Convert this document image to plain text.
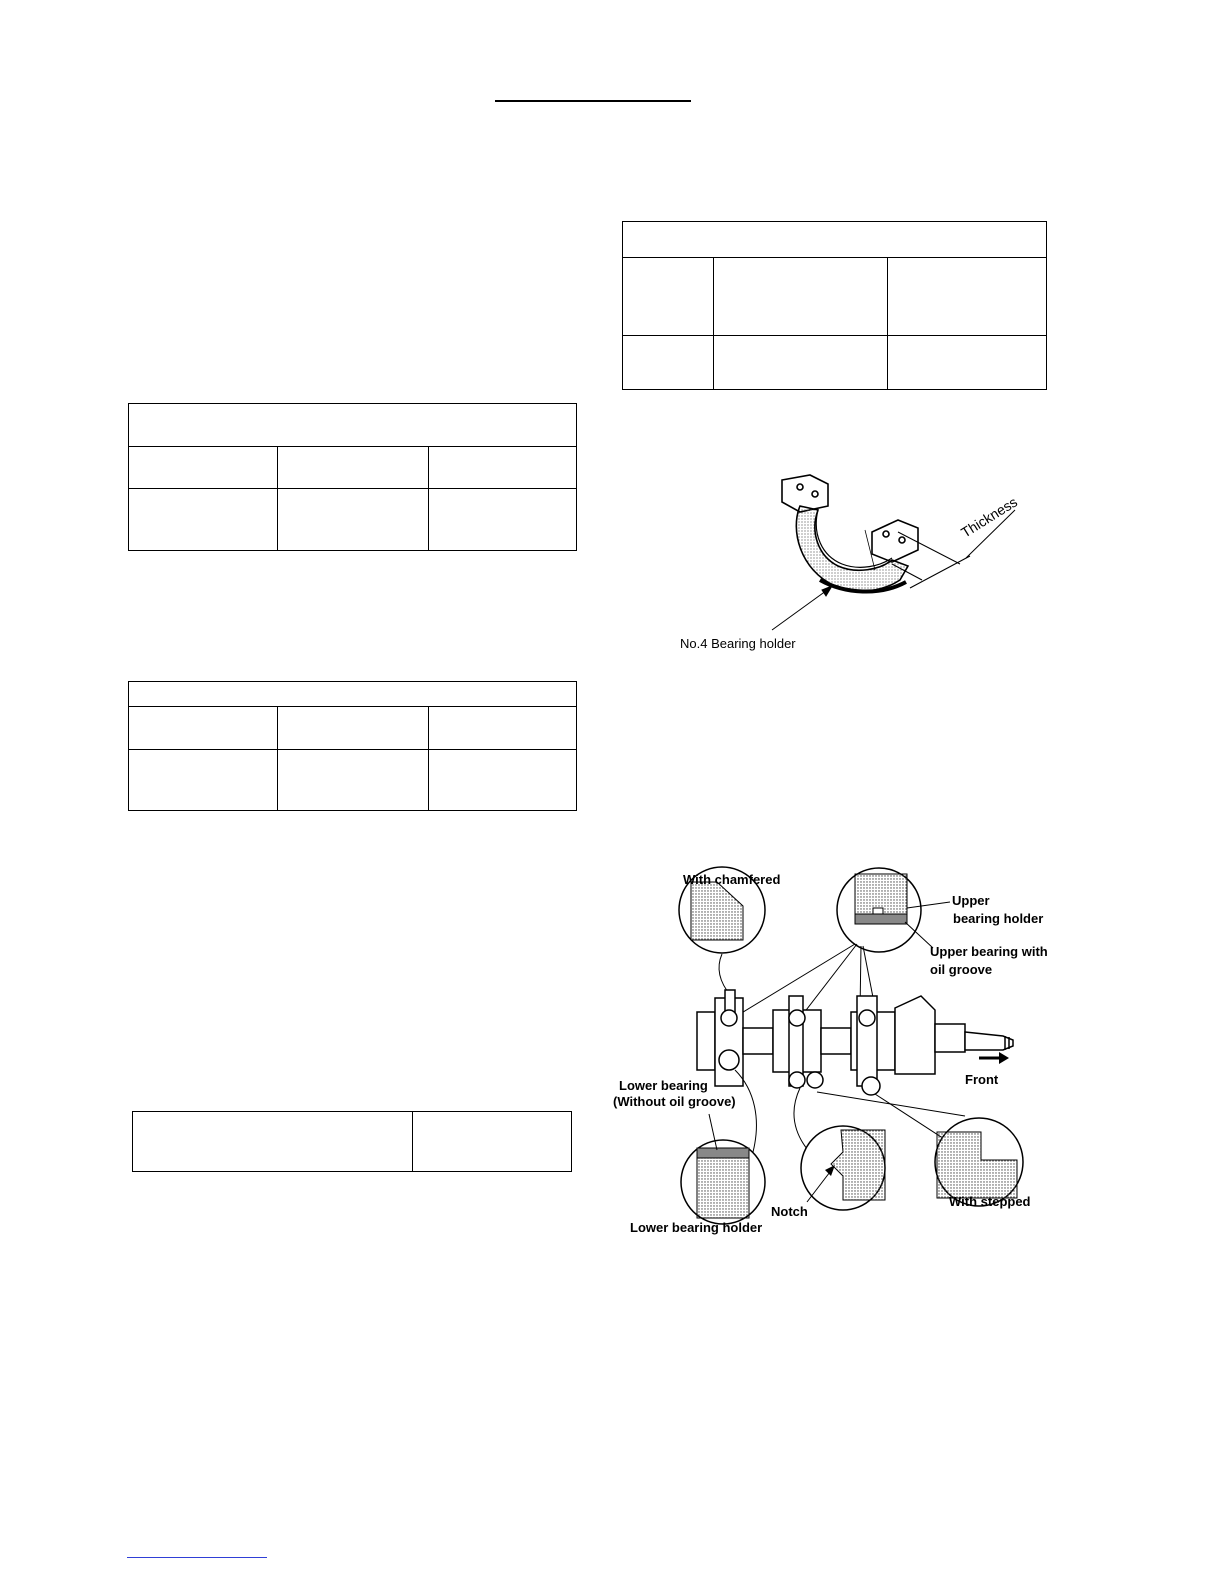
Thickness
No.4 Bearing holder
With chamfered
Upper
bearing holder
Upper bearing with
oil groove
Front
Lower bearing
(Without oil groove)
Lower bearing holder
Notch
With stepped
